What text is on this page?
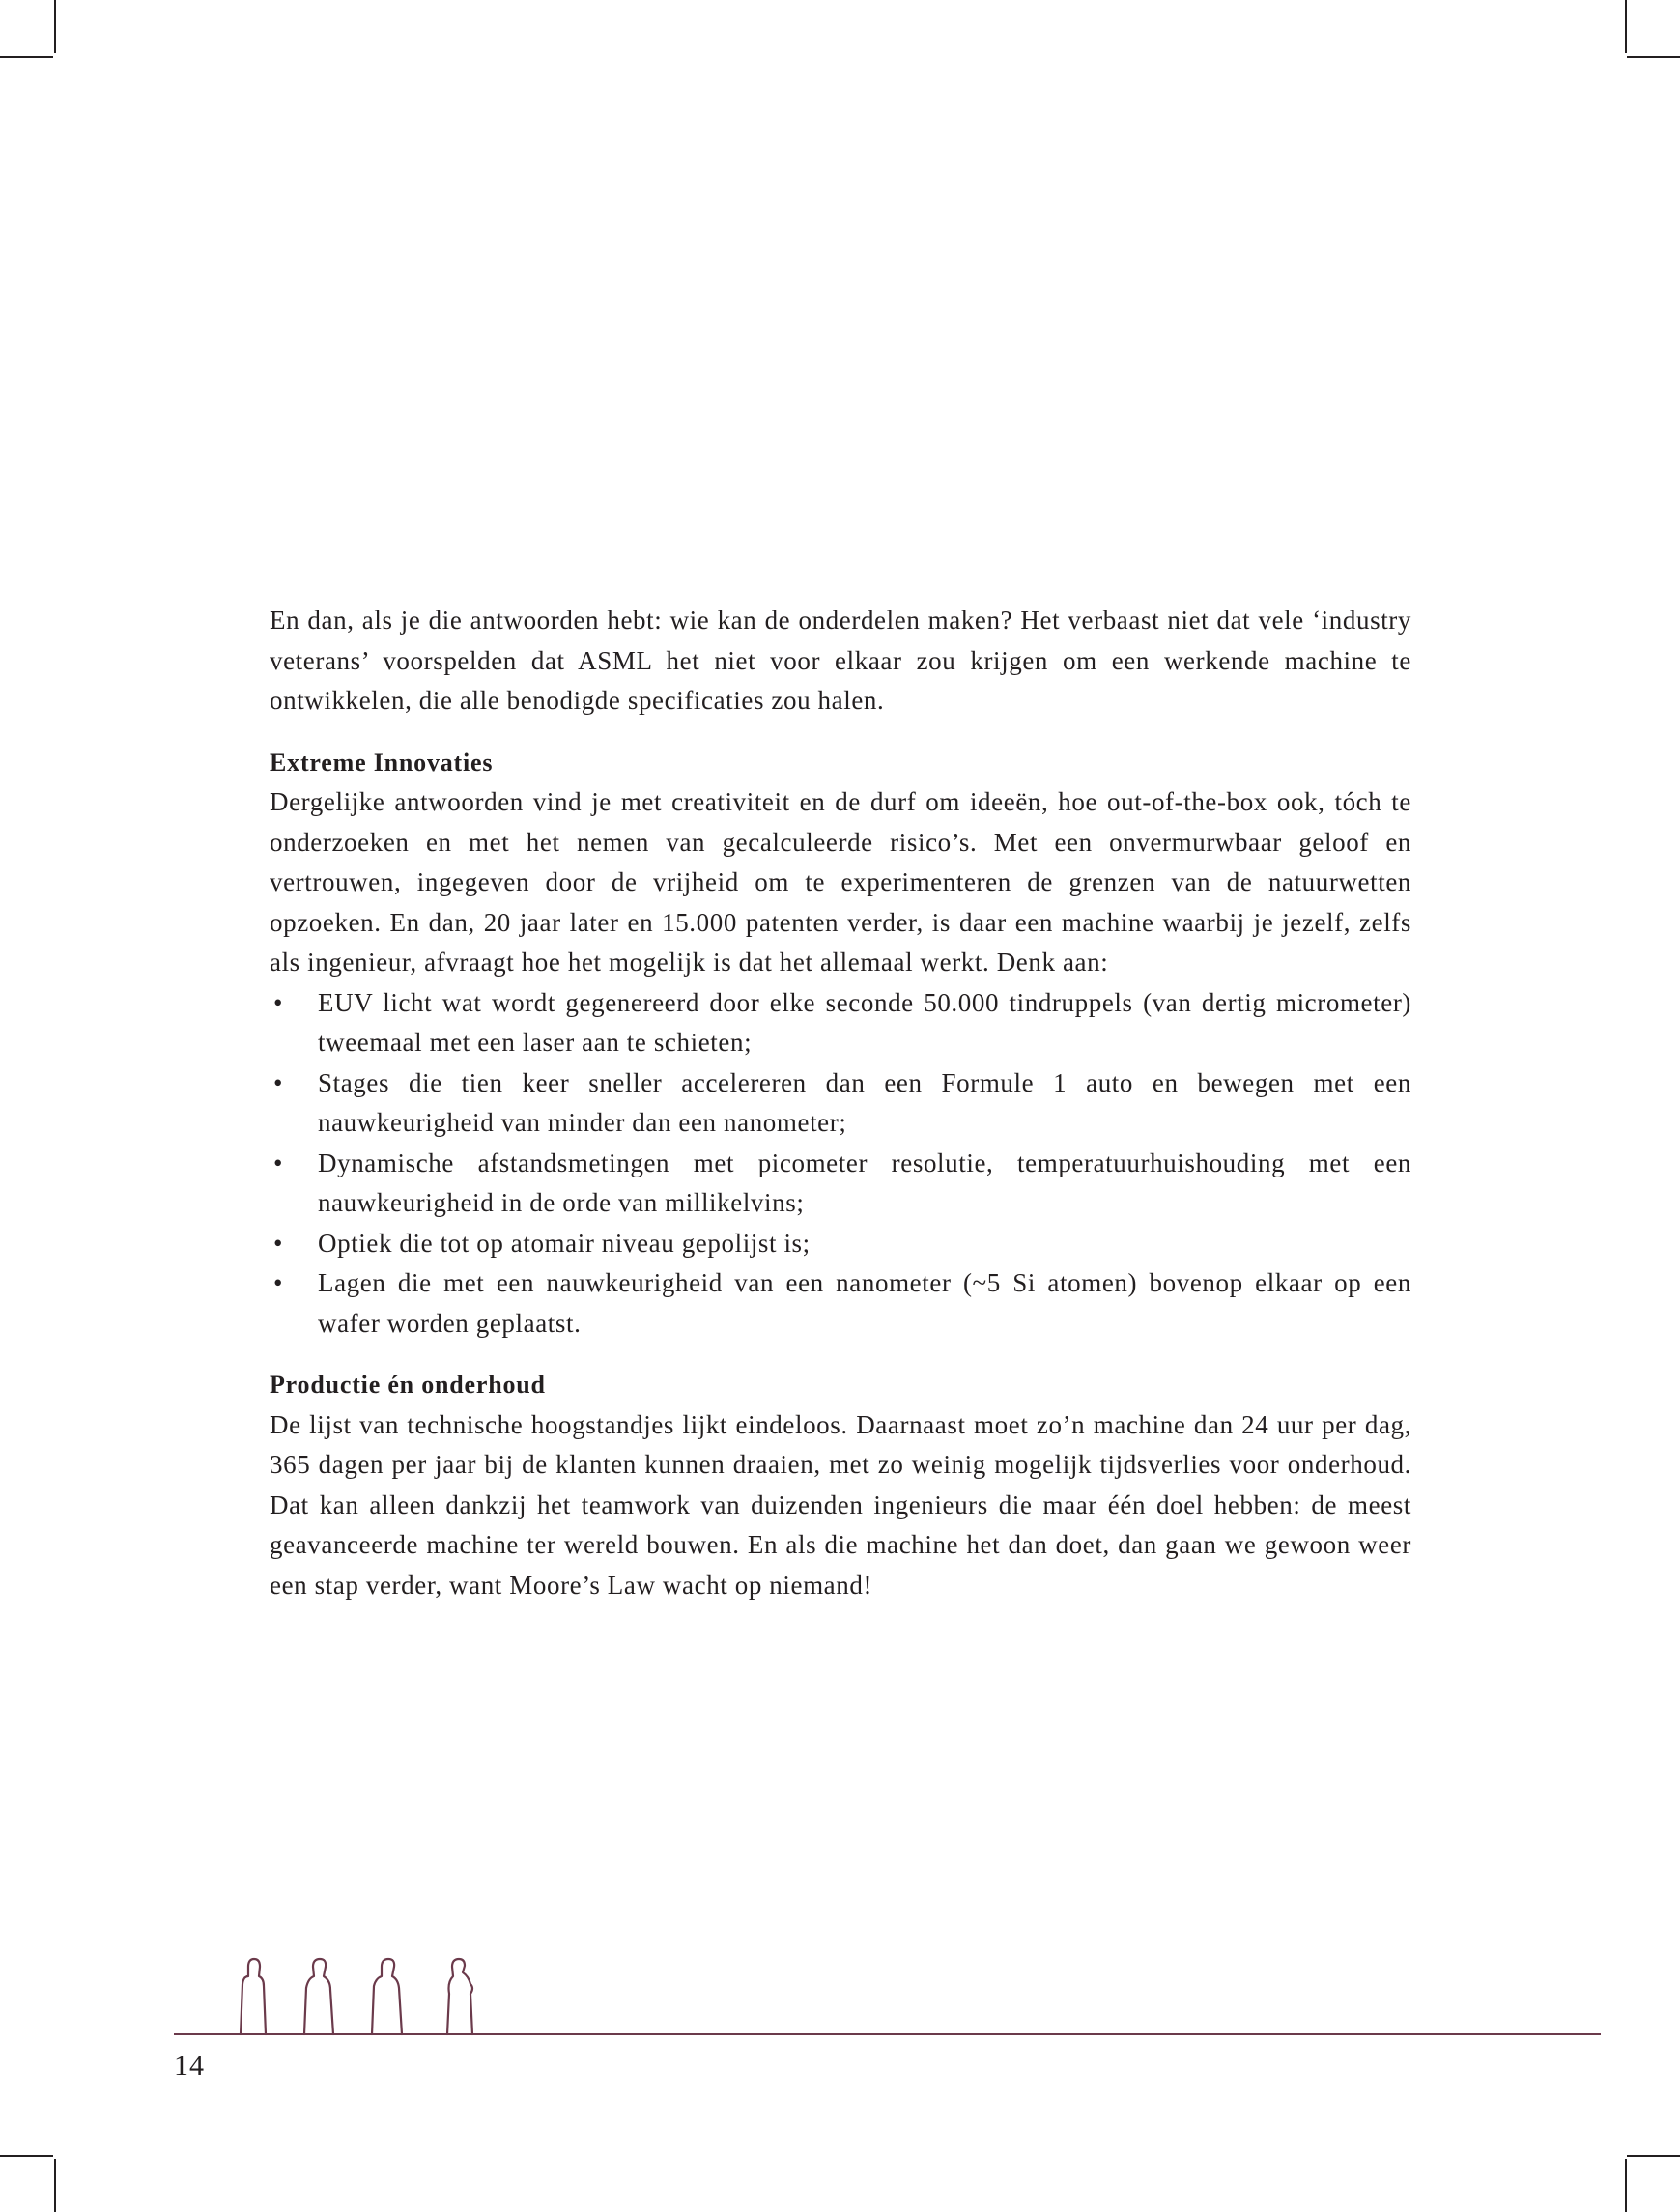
En dan, als je die antwoorden hebt: wie kan de onderdelen maken? Het verbaast niet dat vele ‘industry veterans’ voorspelden dat ASML het niet voor elkaar zou krijgen om een werkende machine te ontwikkelen, die alle benodigde specificaties zou halen.

Extreme Innovaties

Dergelijke antwoorden vind je met creativiteit en de durf om ideeën, hoe out-of-the-box ook, tóch te onderzoeken en met het nemen van gecalculeerde risico’s. Met een onvermurwbaar geloof en vertrouwen, ingegeven door de vrijheid om te experimenteren de grenzen van de natuurwetten opzoeken. En dan, 20 jaar later en 15.000 patenten verder, is daar een machine waarbij je jezelf, zelfs als ingenieur, afvraagt hoe het mogelijk is dat het allemaal werkt. Denk aan:

• EUV licht wat wordt gegenereerd door elke seconde 50.000 tindruppels (van dertig micrometer) tweemaal met een laser aan te schieten;
• Stages die tien keer sneller accelereren dan een Formule 1 auto en bewegen met een nauwkeurigheid van minder dan een nanometer;
• Dynamische afstandsmetingen met picometer resolutie, temperatuurhuishouding met een nauwkeurigheid in de orde van millikelvins;
• Optiek die tot op atomair niveau gepolijst is;
• Lagen die met een nauwkeurigheid van een nanometer (~5 Si atomen) bovenop elkaar op een wafer worden geplaatst.
Productie én onderhoud

De lijst van technische hoogstandjes lijkt eindeloos. Daarnaast moet zo’n machine dan 24 uur per dag, 365 dagen per jaar bij de klanten kunnen draaien, met zo weinig mogelijk tijdsverlies voor onderhoud. Dat kan alleen dankzij het teamwork van duizenden ingenieurs die maar één doel hebben: de meest geavanceerde machine ter wereld bouwen. En als die machine het dan doet, dan gaan we gewoon weer een stap verder, want Moore’s Law wacht op niemand!

14
